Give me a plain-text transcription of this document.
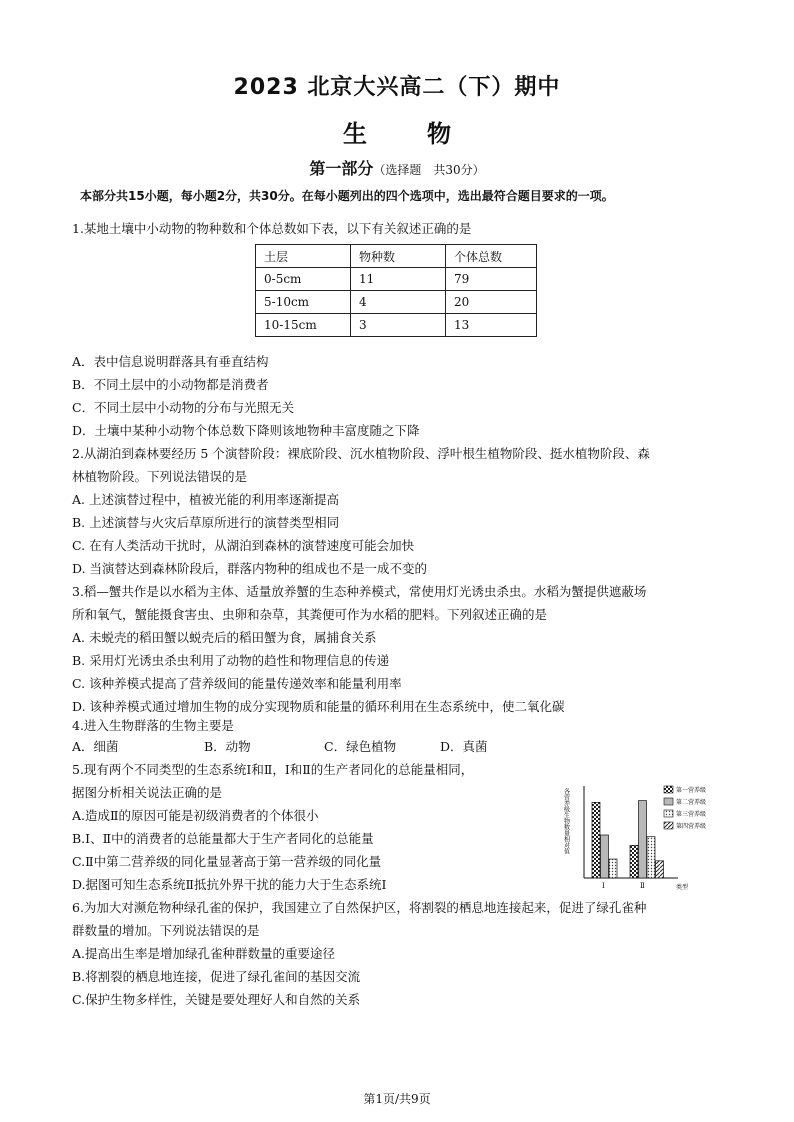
2023 北京大兴高二（下）期中
生	物
第一部分（选择题　共30分）
本部分共15小题，每小题2分，共30分。在每小题列出的四个选项中，选出最符合题目要求的一项。
1.某地土壤中小动物的物种数和个体总数如下表，以下有关叙述正确的是
土层	物种数	个体总数
0-5cm	11	79
5-10cm	4	20
10-15cm	3	13
A．表中信息说明群落具有垂直结构
B．不同土层中的小动物都是消费者
C．不同土层中小动物的分布与光照无关
D．土壤中某种小动物个体总数下降则该地物种丰富度随之下降
2.从湖泊到森林要经历 5 个演替阶段：裸底阶段、沉水植物阶段、浮叶根生植物阶段、挺水植物阶段、森
林植物阶段。下列说法错误的是
A. 上述演替过程中，植被光能的利用率逐渐提高
B. 上述演替与火灾后草原所进行的演替类型相同
C. 在有人类活动干扰时，从湖泊到森林的演替速度可能会加快
D. 当演替达到森林阶段后，群落内物种的组成也不是一成不变的
3.稻—蟹共作是以水稻为主体、适量放养蟹的生态种养模式，常使用灯光诱虫杀虫。水稻为蟹提供遮蔽场
所和氧气，蟹能摄食害虫、虫卵和杂草，其粪便可作为水稻的肥料。下列叙述正确的是
A. 未蜕壳的稻田蟹以蜕壳后的稻田蟹为食，属捕食关系
B. 采用灯光诱虫杀虫利用了动物的趋性和物理信息的传递
C. 该种养模式提高了营养级间的能量传递效率和能量利用率
D. 该种养模式通过增加生物的成分实现物质和能量的循环利用在生态系统中，使二氧化碳
4.进入生物群落的生物主要是
A．细菌	B．动物	C．绿色植物	D．真菌
5.现有两个不同类型的生态系统Ⅰ和Ⅱ，Ⅰ和Ⅱ的生产者同化的总能量相同，
据图分析相关说法正确的是
A.造成Ⅱ的原因可能是初级消费者的个体很小
B.Ⅰ、Ⅱ中的消费者的总能量都大于生产者同化的总能量
C.Ⅱ中第二营养级的同化量显著高于第一营养级的同化量
D.据图可知生态系统Ⅱ抵抗外界干扰的能力大于生态系统Ⅰ
各营养级生物数量相对值
Ⅰ	Ⅱ	类型
第一营养级
第二营养级
第三营养级
第四营养级
6.为加大对濒危物种绿孔雀的保护，我国建立了自然保护区，将割裂的栖息地连接起来，促进了绿孔雀种
群数量的增加。下列说法错误的是
A.提高出生率是增加绿孔雀种群数量的重要途径
B.将割裂的栖息地连接，促进了绿孔雀间的基因交流
C.保护生物多样性，关键是要处理好人和自然的关系
第1页/共9页
